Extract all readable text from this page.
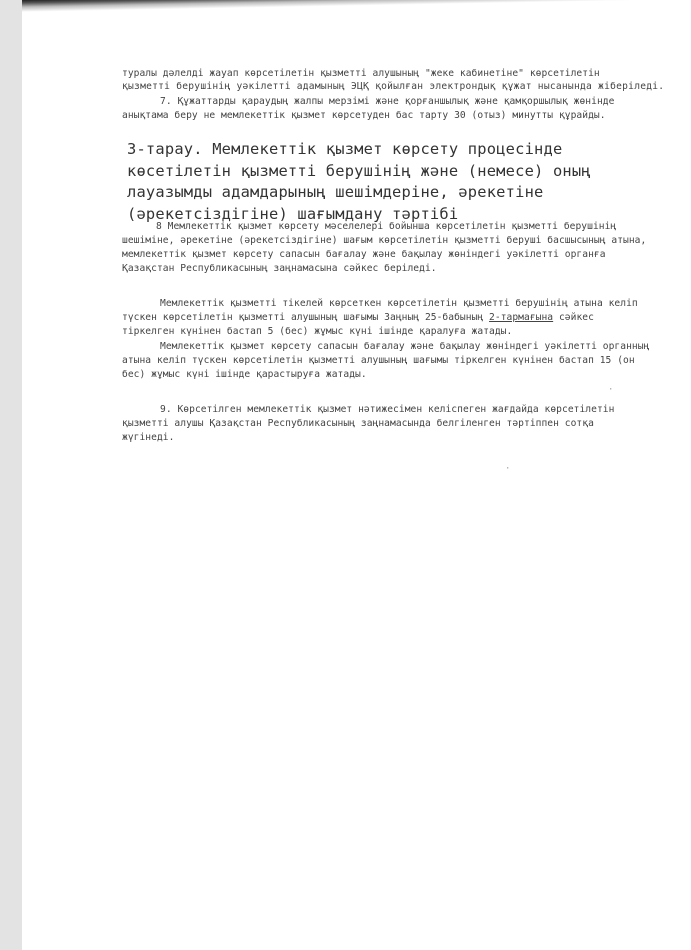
туралы дәлелді жауап көрсетілетін қызметті алушының "жеке кабинетіне" көрсетілетін
қызметті берушінің уәкілетті адамының ЭЦҚ қойылған электрондық құжат нысанында жіберіледі.
7. Құжаттарды қараудың жалпы мерзімі және қорғаншылық және қамқоршылық жөнінде
анықтама беру не мемлекеттік қызмет көрсетуден бас тарту 30 (отыз) минутты құрайды.
3-тарау. Мемлекеттік қызмет көрсету процесінде
көсетілетін қызметті берушінің және (немесе) оның
лауазымды адамдарының шешімдеріне, әрекетіне
(әрекетсіздігіне) шағымдану тәртібі
8 Мемлекеттік қызмет көрсету мәселелері бойынша көрсетілетін қызметті берушінің
шешіміне, әрекетіне (әрекетсіздігіне) шағым көрсетілетін қызметті беруші басшысының атына,
мемлекеттік қызмет көрсету сапасын бағалау және бақылау жөніндегі уәкілетті органға
Қазақстан Республикасының заңнамасына сәйкес беріледі.
Мемлекеттік қызметті тікелей көрсеткен көрсетілетін қызметті берушінің атына келіп
түскен көрсетілетін қызметті алушының шағымы Заңның 25-бабының 2-тармағына сәйкес
тіркелген күнінен бастап 5 (бес) жұмыс күні ішінде қаралуға жатады.
Мемлекеттік қызмет көрсету сапасын бағалау және бақылау жөніндегі уәкілетті органның
атына келіп түскен көрсетілетін қызметті алушының шағымы тіркелген күнінен бастап 15 (он
бес) жұмыс күні ішінде қарастыруға жатады.
9. Көрсетілген мемлекеттік қызмет нәтижесімен келіспеген жағдайда көрсетілетін
қызметті алушы Қазақстан Республикасының заңнамасында белгіленген тәртіппен сотқа
жүгінеді.
·
·
